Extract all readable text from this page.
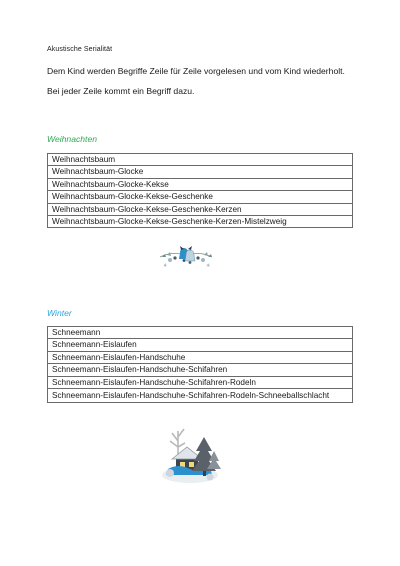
Akustische Serialität

Dem Kind werden Begriffe Zeile für Zeile vorgelesen und vom Kind wiederholt.

Bei jeder Zeile kommt ein Begriff dazu.

Weihnachten
Weihnachtsbaum
Weihnachtsbaum-Glocke
Weihnachtsbaum-Glocke-Kekse
Weihnachtsbaum-Glocke-Kekse-Geschenke
Weihnachtsbaum-Glocke-Kekse-Geschenke-Kerzen
Weihnachtsbaum-Glocke-Kekse-Geschenke-Kerzen-Mistelzweig
✳	✳
Winter
Schneemann
Schneemann-Eislaufen
Schneemann-Eislaufen-Handschuhe
Schneemann-Eislaufen-Handschuhe-Schifahren
Schneemann-Eislaufen-Handschuhe-Schifahren-Rodeln
Schneemann-Eislaufen-Handschuhe-Schifahren-Rodeln-Schneeballschlacht
